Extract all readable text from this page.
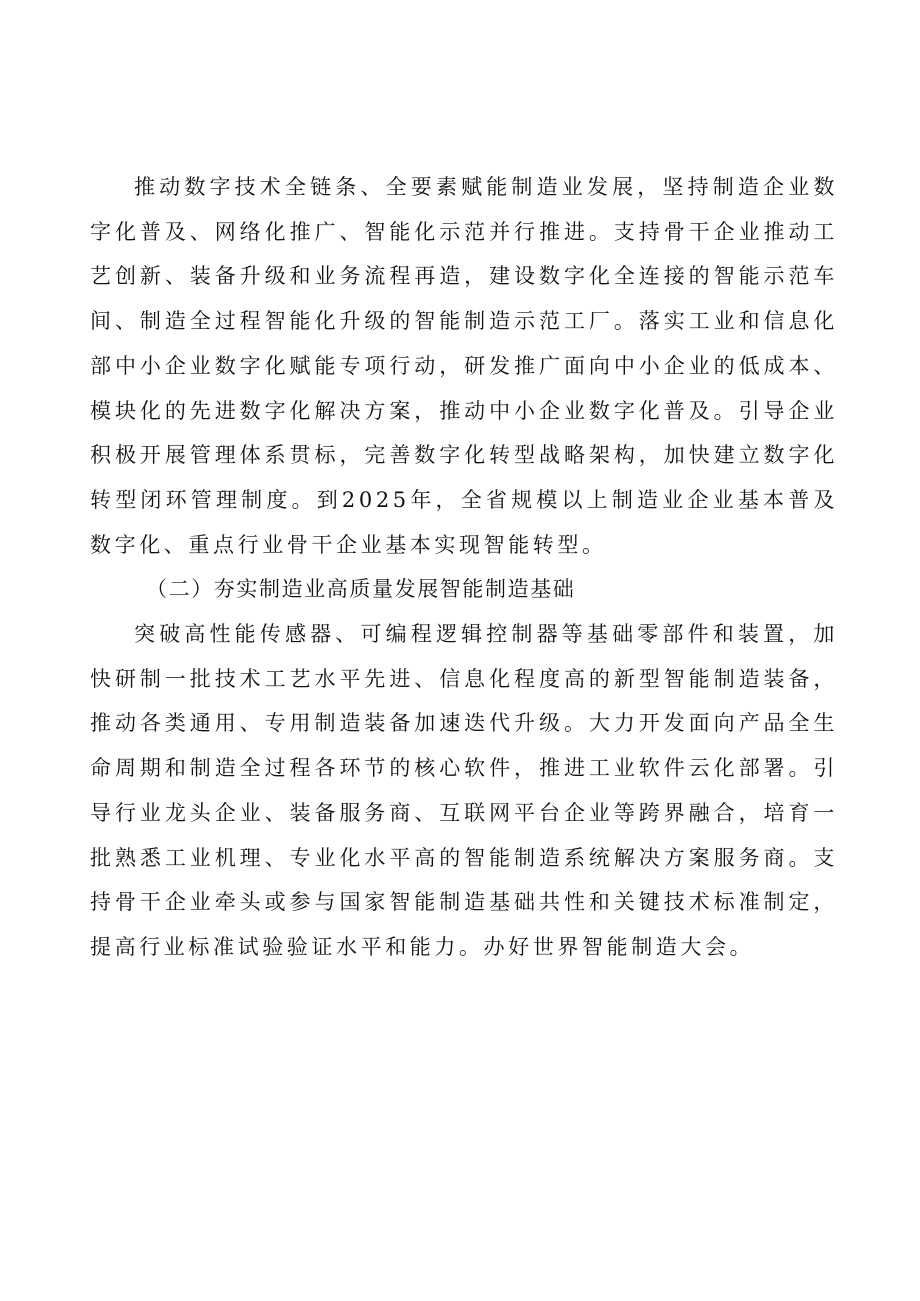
推动数字技术全链条、全要素赋能制造业发展，坚持制造企业数字化普及、网络化推广、智能化示范并行推进。支持骨干企业推动工艺创新、装备升级和业务流程再造，建设数字化全连接的智能示范车间、制造全过程智能化升级的智能制造示范工厂。落实工业和信息化部中小企业数字化赋能专项行动，研发推广面向中小企业的低成本、模块化的先进数字化解决方案，推动中小企业数字化普及。引导企业积极开展管理体系贯标，完善数字化转型战略架构，加快建立数字化转型闭环管理制度。到2025年，全省规模以上制造业企业基本普及数字化、重点行业骨干企业基本实现智能转型。

（二）夯实制造业高质量发展智能制造基础

突破高性能传感器、可编程逻辑控制器等基础零部件和装置，加快研制一批技术工艺水平先进、信息化程度高的新型智能制造装备，推动各类通用、专用制造装备加速迭代升级。大力开发面向产品全生命周期和制造全过程各环节的核心软件，推进工业软件云化部署。引导行业龙头企业、装备服务商、互联网平台企业等跨界融合，培育一批熟悉工业机理、专业化水平高的智能制造系统解决方案服务商。支持骨干企业牵头或参与国家智能制造基础共性和关键技术标准制定，提高行业标准试验验证水平和能力。办好世界智能制造大会。
